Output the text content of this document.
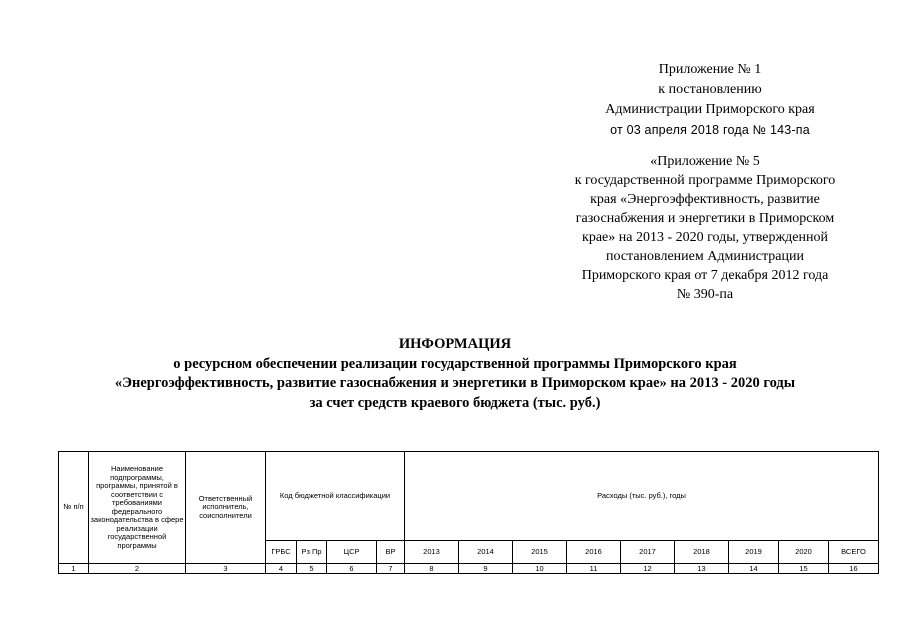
Приложение № 1
к постановлению
Администрации Приморского края
от 03 апреля 2018 года № 143-па
«Приложение № 5
к государственной программе Приморского
края «Энергоэффективность, развитие
газоснабжения и энергетики в Приморском
крае» на 2013 - 2020 годы, утвержденной
постановлением Администрации
Приморского края от 7 декабря 2012 года
№ 390-па
ИНФОРМАЦИЯ
о ресурсном обеспечении реализации государственной программы Приморского края
«Энергоэффективность, развитие газоснабжения и энергетики в Приморском крае» на 2013 - 2020 годы
за счет средств краевого бюджета (тыс. руб.)
№ п/п	Наименование подпрограммы, программы, принятой в соответствии с требованиями федерального законодательства в сфере реализации государственной программы	Ответственный исполнитель, соисполнители	Код бюджетной классификации				Расходы (тыс. руб.), годы								
			ГРБС	Рз Пр	ЦСР	ВР	2013	2014	2015	2016	2017	2018	2019	2020	ВСЕГО
1	2	3	4	5	6	7	8	9	10	11	12	13	14	15	16
